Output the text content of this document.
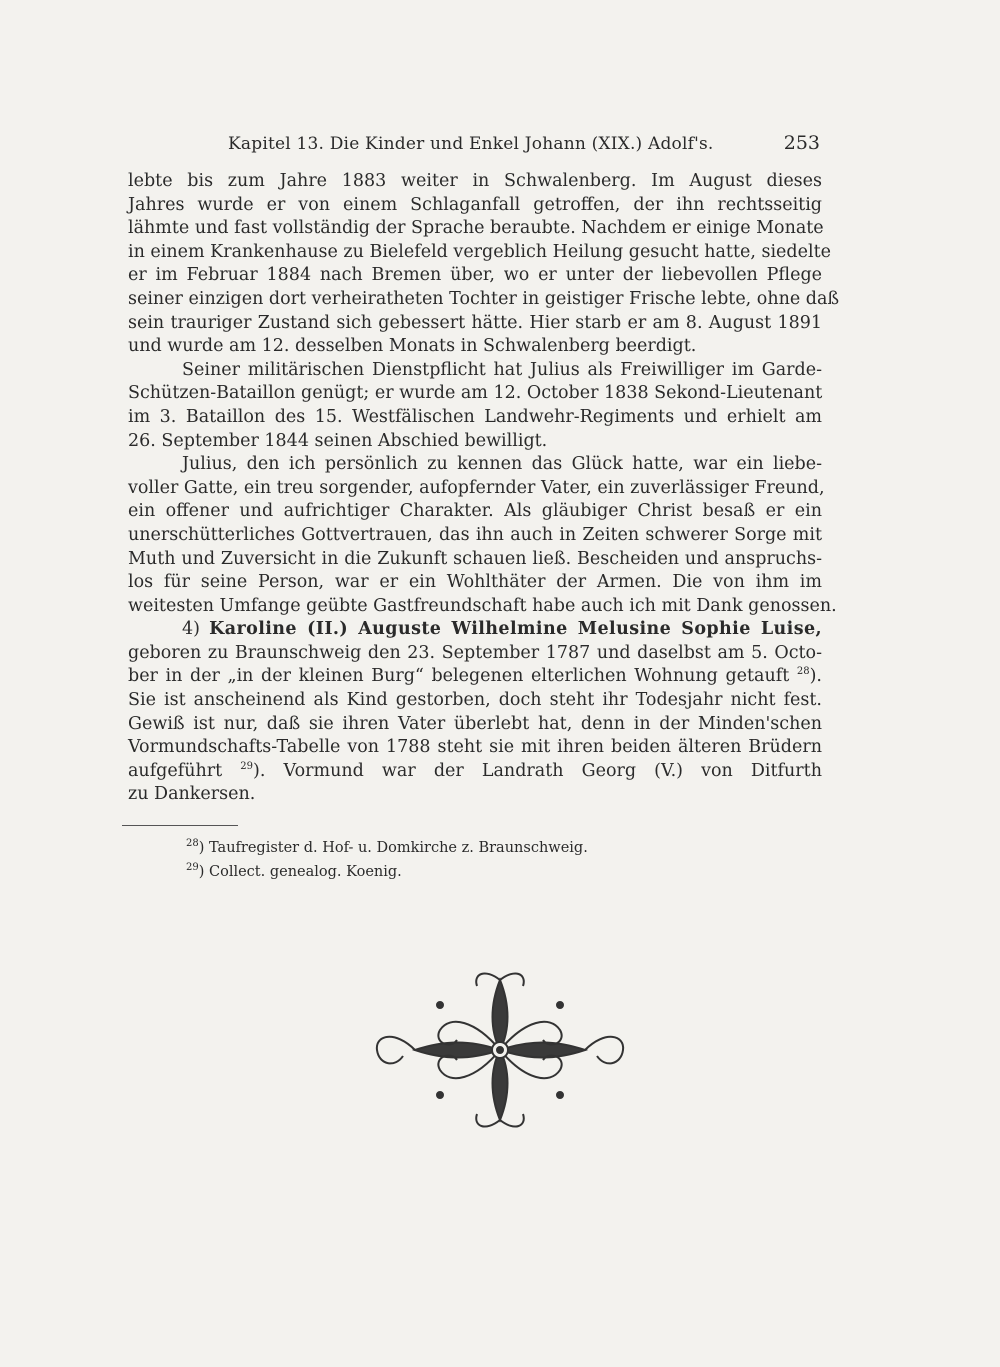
Kapitel 13. Die Kinder und Enkel Johann (XIX.) Adolf's.	253
lebte bis zum Jahre 1883 weiter in Schwalenberg. Im August dieses
Jahres wurde er von einem Schlaganfall getroffen, der ihn rechtsseitig
lähmte und fast vollständig der Sprache beraubte. Nachdem er einige Monate
in einem Krankenhause zu Bielefeld vergeblich Heilung gesucht hatte, siedelte
er im Februar 1884 nach Bremen über, wo er unter der liebevollen Pflege
seiner einzigen dort verheiratheten Tochter in geistiger Frische lebte, ohne daß
sein trauriger Zustand sich gebessert hätte. Hier starb er am 8. August 1891
und wurde am 12. desselben Monats in Schwalenberg beerdigt.
Seiner militärischen Dienstpflicht hat Julius als Freiwilliger im Garde-
Schützen-Bataillon genügt; er wurde am 12. October 1838 Sekond-Lieutenant
im 3. Bataillon des 15. Westfälischen Landwehr-Regiments und erhielt am
26. September 1844 seinen Abschied bewilligt.
Julius, den ich persönlich zu kennen das Glück hatte, war ein liebe-
voller Gatte, ein treu sorgender, aufopfernder Vater, ein zuverlässiger Freund,
ein offener und aufrichtiger Charakter. Als gläubiger Christ besaß er ein
unerschütterliches Gottvertrauen, das ihn auch in Zeiten schwerer Sorge mit
Muth und Zuversicht in die Zukunft schauen ließ. Bescheiden und anspruchs-
los für seine Person, war er ein Wohlthäter der Armen. Die von ihm im
weitesten Umfange geübte Gastfreundschaft habe auch ich mit Dank genossen.
4) Karoline (II.) Auguste Wilhelmine Melusine Sophie Luise,
geboren zu Braunschweig den 23. September 1787 und daselbst am 5. Octo-
ber in der „in der kleinen Burg“ belegenen elterlichen Wohnung getauft $^{28}$).
Sie ist anscheinend als Kind gestorben, doch steht ihr Todesjahr nicht fest.
Gewiß ist nur, daß sie ihren Vater überlebt hat, denn in der Minden'schen
Vormundschafts-Tabelle von 1788 steht sie mit ihren beiden älteren Brüdern
aufgeführt $^{29}$). Vormund war der Landrath Georg (V.) von Ditfurth
zu Dankersen.
$^{28}$) Taufregister d. Hof- u. Domkirche z. Braunschweig.
$^{29}$) Collect. genealog. Koenig.
